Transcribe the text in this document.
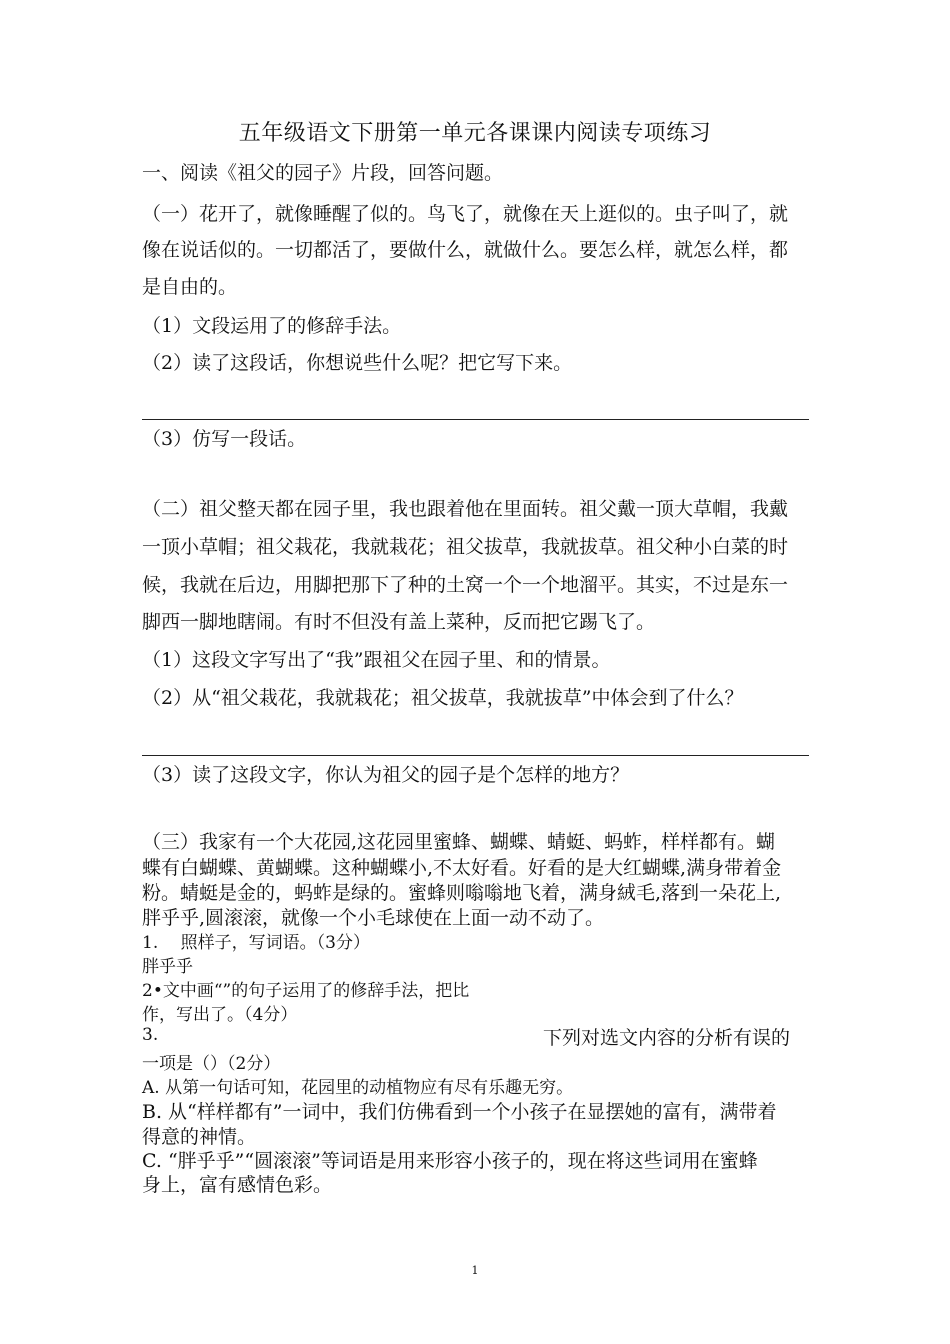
五年级语文下册第一单元各课课内阅读专项练习
一、阅读《祖父的园子》片段，回答问题。
（一）花开了，就像睡醒了似的。鸟飞了，就像在天上逛似的。虫子叫了，就
像在说话似的。一切都活了，要做什么，就做什么。要怎么样，就怎么样，都
是自由的。
（1）文段运用了的修辞手法。
（2）读了这段话，你想说些什么呢？把它写下来。
（3）仿写一段话。
（二）祖父整天都在园子里，我也跟着他在里面转。祖父戴一顶大草帽，我戴
一顶小草帽；祖父栽花，我就栽花；祖父拔草，我就拔草。祖父种小白菜的时
候，我就在后边，用脚把那下了种的土窝一个一个地溜平。其实，不过是东一
脚西一脚地瞎闹。有时不但没有盖上菜种，反而把它踢飞了。
（1）这段文字写出了“我”跟祖父在园子里、和的情景。
（2）从“祖父栽花，我就栽花；祖父拔草，我就拔草”中体会到了什么？
（3）读了这段文字，你认为祖父的园子是个怎样的地方？
（三）我家有一个大花园,这花园里蜜蜂、蝴蝶、蜻蜓、蚂蚱，样样都有。蝴
蝶有白蝴蝶、黄蝴蝶。这种蝴蝶小,不太好看。好看的是大红蝴蝶,满身带着金
粉。蜻蜓是金的，蚂蚱是绿的。蜜蜂则嗡嗡地飞着，满身絨毛,落到一朵花上,
胖乎乎,圆滚滚，就像一个小毛球使在上面一动不动了。
1.　 照样子，写词语。（3分）
胖乎乎
2•文中画“”的句子运用了的修辞手法，把比
作，写出了。（4分）
3.	下列对选文内容的分析有误的
一项是（）（2分）
A. 从第一句话可知，花园里的动植物应有尽有乐趣无穷。
B. 从“样样都有”一词中，我们仿佛看到一个小孩子在显摆她的富有，满带着
得意的神情。
C. “胖乎乎”“圆滚滚”等词语是用来形容小孩子的，现在将这些词用在蜜蜂
身上，富有感情色彩。
1
